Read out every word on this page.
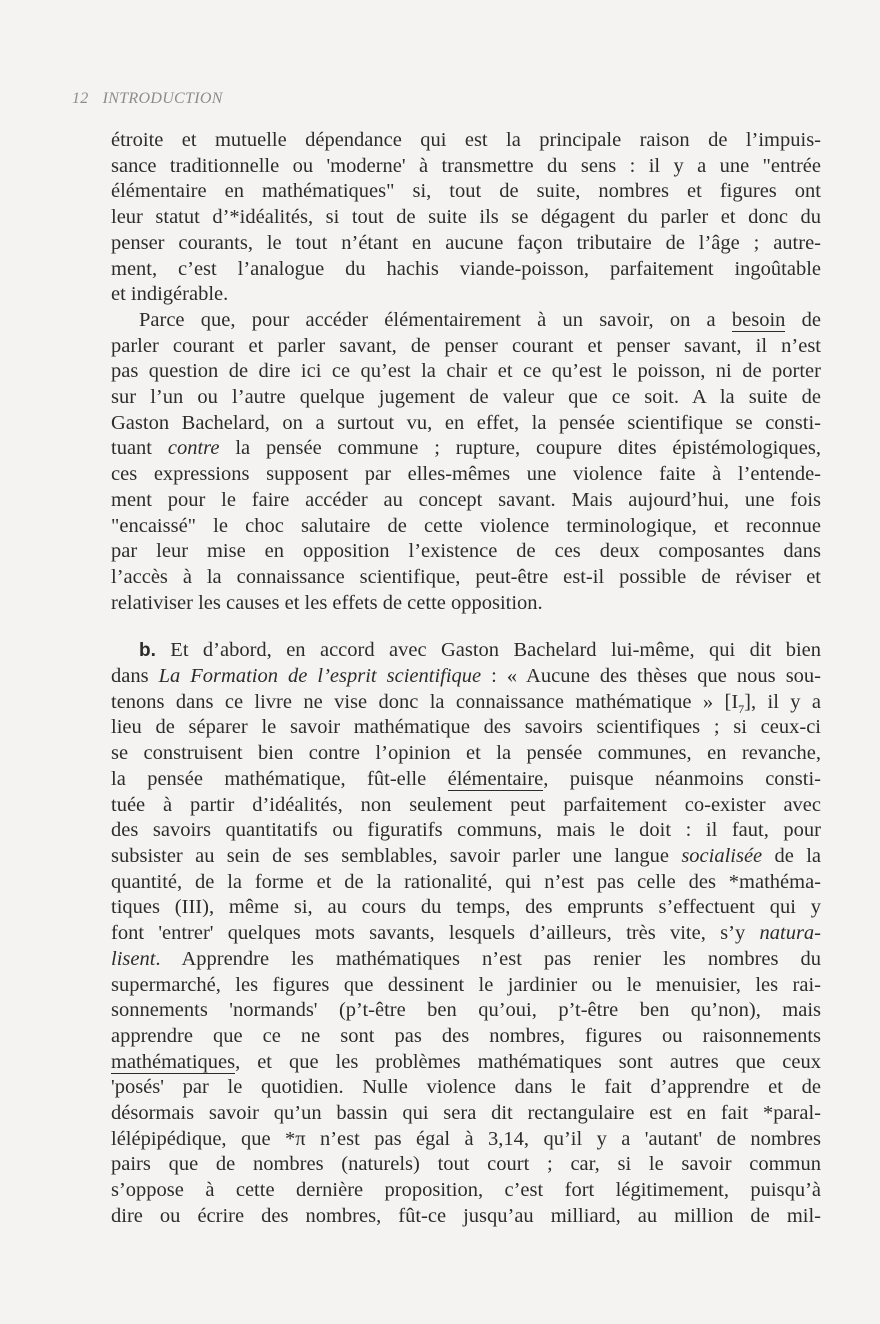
12 INTRODUCTION
étroite et mutuelle dépendance qui est la principale raison de l’impuis-
sance traditionnelle ou 'moderne' à transmettre du sens : il y a une "entrée
élémentaire en mathématiques" si, tout de suite, nombres et figures ont
leur statut d’*idéalités, si tout de suite ils se dégagent du parler et donc du
penser courants, le tout n’étant en aucune façon tributaire de l’âge ; autre-
ment, c’est l’analogue du hachis viande-poisson, parfaitement ingoûtable
et indigérable.
Parce que, pour accéder élémentairement à un savoir, on a besoin de
parler courant et parler savant, de penser courant et penser savant, il n’est
pas question de dire ici ce qu’est la chair et ce qu’est le poisson, ni de porter
sur l’un ou l’autre quelque jugement de valeur que ce soit. A la suite de
Gaston Bachelard, on a surtout vu, en effet, la pensée scientifique se consti-
tuant contre la pensée commune ; rupture, coupure dites épistémologiques,
ces expressions supposent par elles-mêmes une violence faite à l’entende-
ment pour le faire accéder au concept savant. Mais aujourd’hui, une fois
"encaissé" le choc salutaire de cette violence terminologique, et reconnue
par leur mise en opposition l’existence de ces deux composantes dans
l’accès à la connaissance scientifique, peut-être est-il possible de réviser et
relativiser les causes et les effets de cette opposition.
b. Et d’abord, en accord avec Gaston Bachelard lui-même, qui dit bien
dans La Formation de l’esprit scientifique : « Aucune des thèses que nous sou-
tenons dans ce livre ne vise donc la connaissance mathématique » $[I_7]$, il y a
lieu de séparer le savoir mathématique des savoirs scientifiques ; si ceux-ci
se construisent bien contre l’opinion et la pensée communes, en revanche,
la pensée mathématique, fût-elle élémentaire, puisque néanmoins consti-
tuée à partir d’idéalités, non seulement peut parfaitement co-exister avec
des savoirs quantitatifs ou figuratifs communs, mais le doit : il faut, pour
subsister au sein de ses semblables, savoir parler une langue socialisée de la
quantité, de la forme et de la rationalité, qui n’est pas celle des *mathéma-
tiques (III), même si, au cours du temps, des emprunts s’effectuent qui y
font 'entrer' quelques mots savants, lesquels d’ailleurs, très vite, s’y natura-
lisent. Apprendre les mathématiques n’est pas renier les nombres du
supermarché, les figures que dessinent le jardinier ou le menuisier, les rai-
sonnements 'normands' (p’t-être ben qu’oui, p’t-être ben qu’non), mais
apprendre que ce ne sont pas des nombres, figures ou raisonnements
mathématiques, et que les problèmes mathématiques sont autres que ceux
'posés' par le quotidien. Nulle violence dans le fait d’apprendre et de
désormais savoir qu’un bassin qui sera dit rectangulaire est en fait *paral-
lélépipédique, que *π n’est pas égal à 3,14, qu’il y a 'autant' de nombres
pairs que de nombres (naturels) tout court ; car, si le savoir commun
s’oppose à cette dernière proposition, c’est fort légitimement, puisqu’à
dire ou écrire des nombres, fût-ce jusqu’au milliard, au million de mil-
